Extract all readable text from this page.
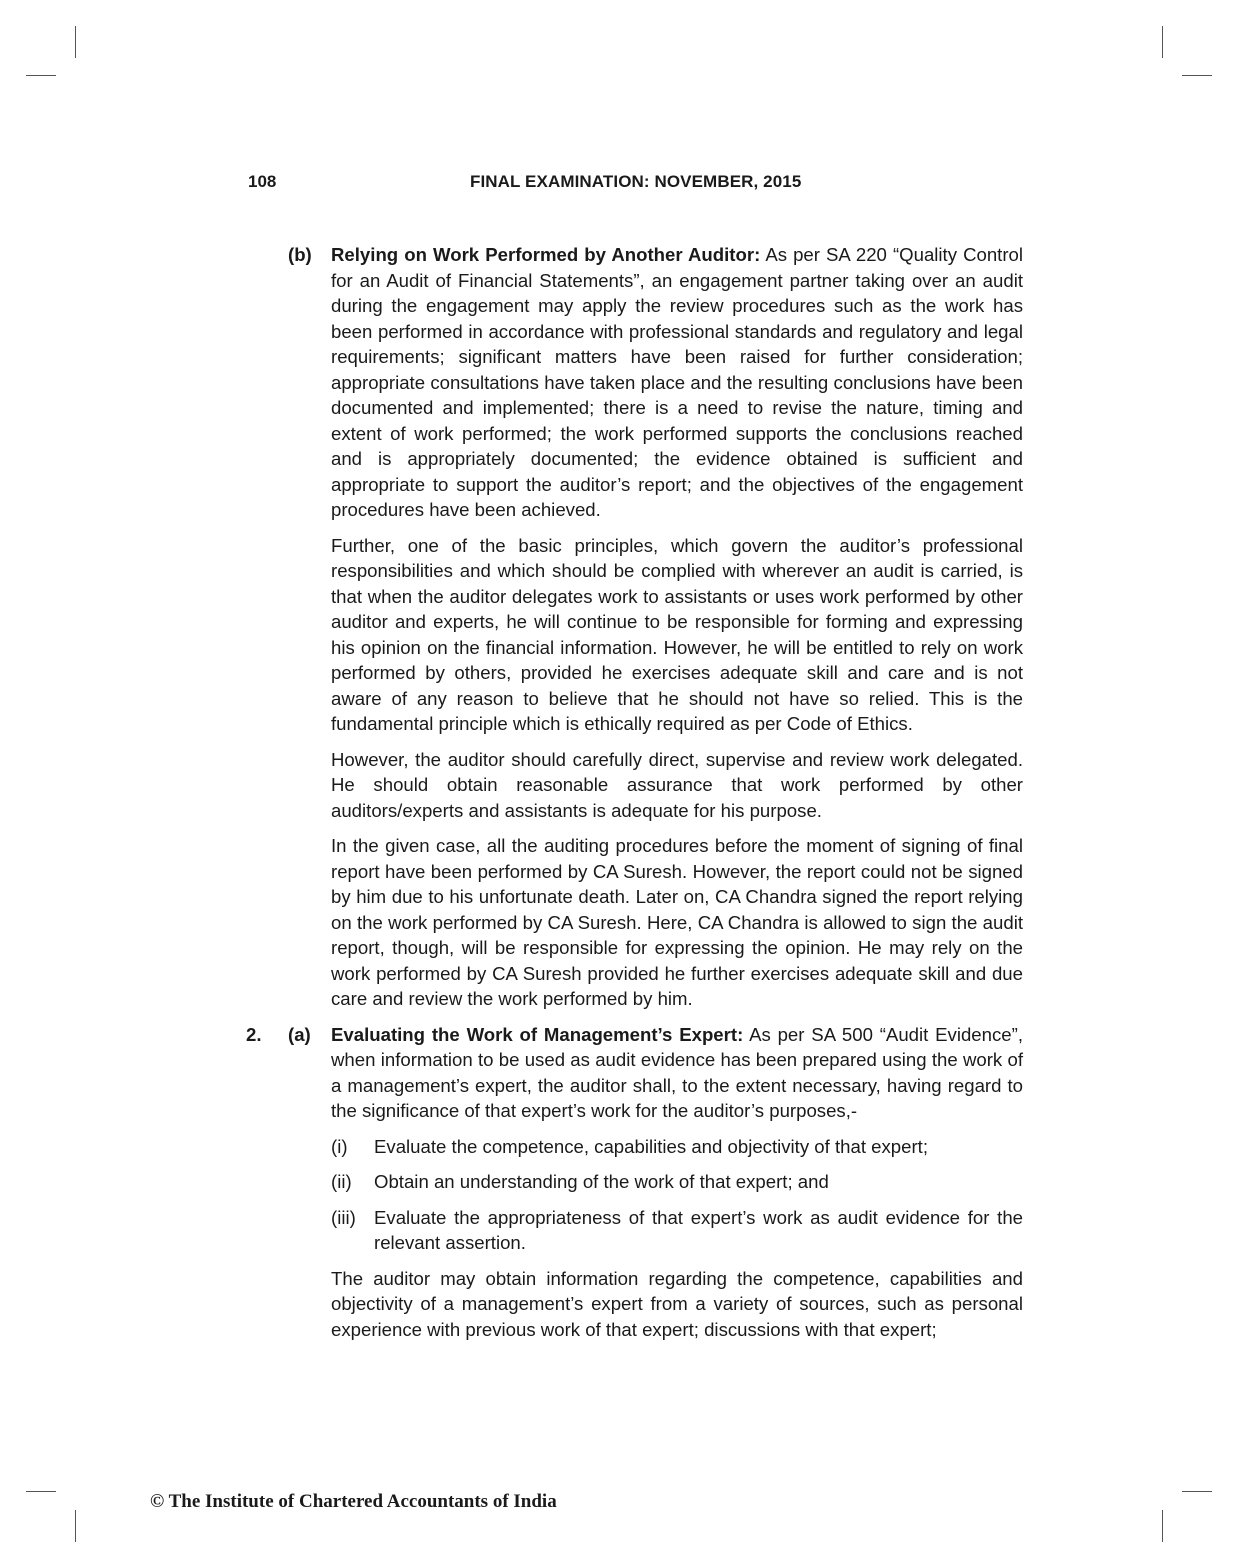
108	FINAL EXAMINATION: NOVEMBER, 2015
(b) Relying on Work Performed by Another Auditor: As per SA 220 “Quality Control for an Audit of Financial Statements”, an engagement partner taking over an audit during the engagement may apply the review procedures such as the work has been performed in accordance with professional standards and regulatory and legal requirements; significant matters have been raised for further consideration; appropriate consultations have taken place and the resulting conclusions have been documented and implemented; there is a need to revise the nature, timing and extent of work performed; the work performed supports the conclusions reached and is appropriately documented; the evidence obtained is sufficient and appropriate to support the auditor’s report; and the objectives of the engagement procedures have been achieved.

Further, one of the basic principles, which govern the auditor’s professional responsibilities and which should be complied with wherever an audit is carried, is that when the auditor delegates work to assistants or uses work performed by other auditor and experts, he will continue to be responsible for forming and expressing his opinion on the financial information. However, he will be entitled to rely on work performed by others, provided he exercises adequate skill and care and is not aware of any reason to believe that he should not have so relied. This is the fundamental principle which is ethically required as per Code of Ethics.

However, the auditor should carefully direct, supervise and review work delegated. He should obtain reasonable assurance that work performed by other auditors/experts and assistants is adequate for his purpose.

In the given case, all the auditing procedures before the moment of signing of final report have been performed by CA Suresh. However, the report could not be signed by him due to his unfortunate death. Later on, CA Chandra signed the report relying on the work performed by CA Suresh. Here, CA Chandra is allowed to sign the audit report, though, will be responsible for expressing the opinion. He may rely on the work performed by CA Suresh provided he further exercises adequate skill and due care and review the work performed by him.

2. (a) Evaluating the Work of Management’s Expert: As per SA 500 “Audit Evidence”, when information to be used as audit evidence has been prepared using the work of a management’s expert, the auditor shall, to the extent necessary, having regard to the significance of that expert’s work for the auditor’s purposes,-

(i) Evaluate the competence, capabilities and objectivity of that expert;
(ii) Obtain an understanding of the work of that expert; and
(iii) Evaluate the appropriateness of that expert’s work as audit evidence for the relevant assertion.

The auditor may obtain information regarding the competence, capabilities and objectivity of a management’s expert from a variety of sources, such as personal experience with previous work of that expert; discussions with that expert;

© The Institute of Chartered Accountants of India
